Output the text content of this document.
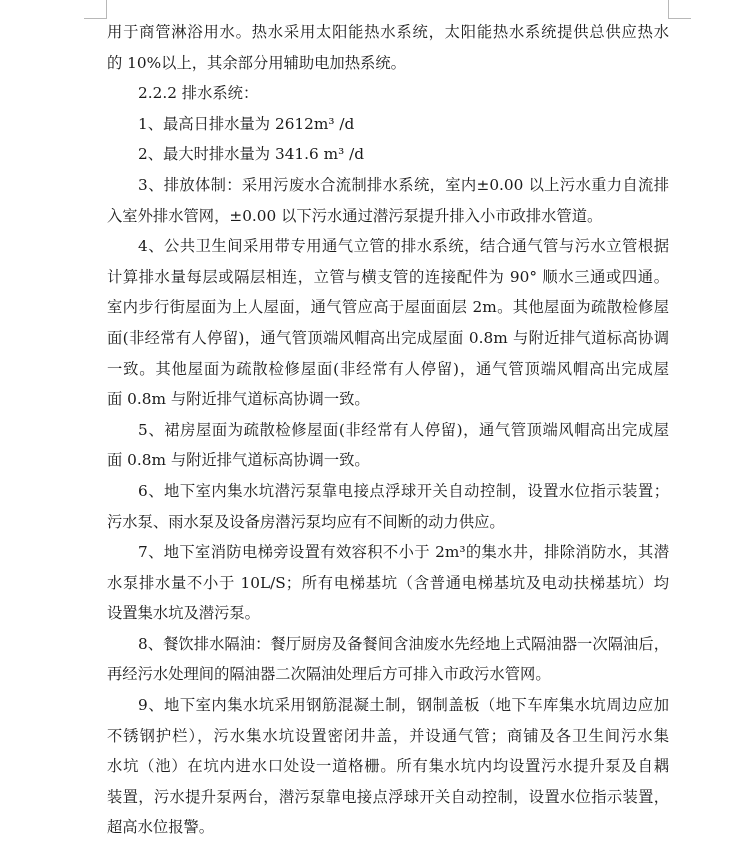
用于商管淋浴用水。热水采用太阳能热水系统，太阳能热水系统提供总供应热水
的 10%以上，其余部分用辅助电加热系统。
2.2.2 排水系统：
1、最高日排水量为 2612m³ /d
2、最大时排水量为 341.6 m³ /d
3、排放体制：采用污废水合流制排水系统，室内±0.00 以上污水重力自流排
入室外排水管网，±0.00 以下污水通过潜污泵提升排入小市政排水管道。
4、公共卫生间采用带专用通气立管的排水系统，结合通气管与污水立管根据
计算排水量每层或隔层相连，立管与横支管的连接配件为 90° 顺水三通或四通。
室内步行街屋面为上人屋面，通气管应高于屋面面层 2m。其他屋面为疏散检修屋
面(非经常有人停留)，通气管顶端风帽高出完成屋面 0.8m 与附近排气道标高协调
一致。其他屋面为疏散检修屋面(非经常有人停留)，通气管顶端风帽高出完成屋
面 0.8m 与附近排气道标高协调一致。
5、裙房屋面为疏散检修屋面(非经常有人停留)，通气管顶端风帽高出完成屋
面 0.8m 与附近排气道标高协调一致。
6、地下室内集水坑潜污泵靠电接点浮球开关自动控制，设置水位指示装置；
污水泵、雨水泵及设备房潜污泵均应有不间断的动力供应。
7、地下室消防电梯旁设置有效容积不小于 2m³的集水井，排除消防水，其潜
水泵排水量不小于 10L/S；所有电梯基坑（含普通电梯基坑及电动扶梯基坑）均
设置集水坑及潜污泵。
8、餐饮排水隔油：餐厅厨房及备餐间含油废水先经地上式隔油器一次隔油后，
再经污水处理间的隔油器二次隔油处理后方可排入市政污水管网。
9、地下室内集水坑采用钢筋混凝土制，钢制盖板（地下车库集水坑周边应加
不锈钢护栏），污水集水坑设置密闭井盖，并设通气管；商铺及各卫生间污水集
水坑（池）在坑内进水口处设一道格栅。所有集水坑内均设置污水提升泵及自耦
装置，污水提升泵两台，潜污泵靠电接点浮球开关自动控制，设置水位指示装置，
超高水位报警。
